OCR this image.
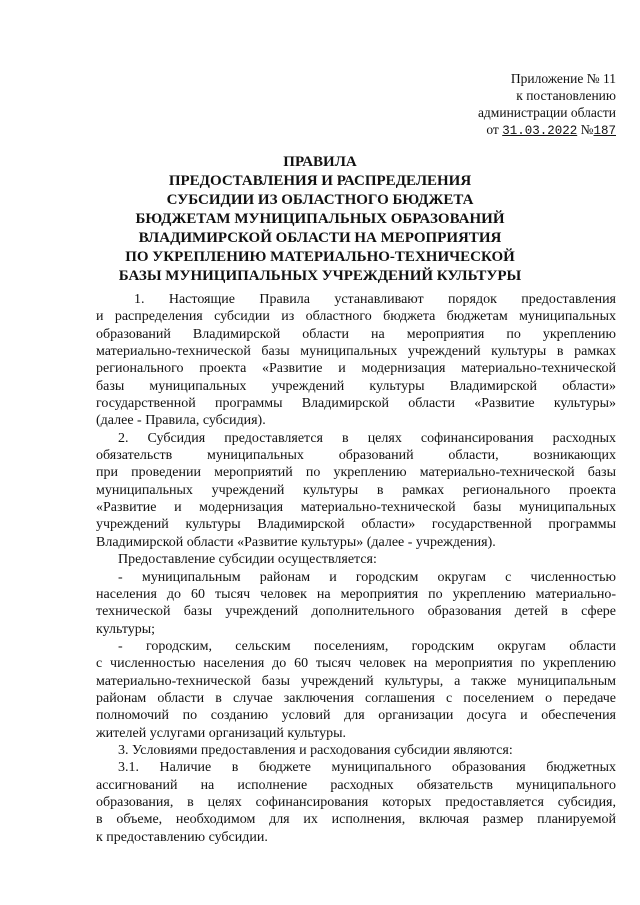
Приложение № 11
к постановлению
администрации области
от 31.03.2022 №187
ПРАВИЛА
ПРЕДОСТАВЛЕНИЯ И РАСПРЕДЕЛЕНИЯ
СУБСИДИИ ИЗ ОБЛАСТНОГО БЮДЖЕТА
БЮДЖЕТАМ МУНИЦИПАЛЬНЫХ ОБРАЗОВАНИЙ
ВЛАДИМИРСКОЙ ОБЛАСТИ НА МЕРОПРИЯТИЯ
ПО УКРЕПЛЕНИЮ МАТЕРИАЛЬНО-ТЕХНИЧЕСКОЙ
БАЗЫ МУНИЦИПАЛЬНЫХ УЧРЕЖДЕНИЙ КУЛЬТУРЫ
1. Настоящие Правила устанавливают порядок предоставления
и распределения субсидии из областного бюджета бюджетам муниципальных
образований Владимирской области на мероприятия по укреплению
материально-технической базы муниципальных учреждений культуры в рамках
регионального проекта «Развитие и модернизация материально-технической
базы муниципальных учреждений культуры Владимирской области»
государственной программы Владимирской области «Развитие культуры»
(далее - Правила, субсидия).
2. Субсидия предоставляется в целях софинансирования расходных
обязательств муниципальных образований области, возникающих
при проведении мероприятий по укреплению материально-технической базы
муниципальных учреждений культуры в рамках регионального проекта
«Развитие и модернизация материально-технической базы муниципальных
учреждений культуры Владимирской области» государственной программы
Владимирской области «Развитие культуры» (далее - учреждения).
Предоставление субсидии осуществляется:
- муниципальным районам и городским округам с численностью
населения до 60 тысяч человек на мероприятия по укреплению материально-
технической базы учреждений дополнительного образования детей в сфере
культуры;
- городским, сельским поселениям, городским округам области
с численностью населения до 60 тысяч человек на мероприятия по укреплению
материально-технической базы учреждений культуры, а также муниципальным
районам области в случае заключения соглашения с поселением о передаче
полномочий по созданию условий для организации досуга и обеспечения
жителей услугами организаций культуры.
3. Условиями предоставления и расходования субсидии являются:
3.1. Наличие в бюджете муниципального образования бюджетных
ассигнований на исполнение расходных обязательств муниципального
образования, в целях софинансирования которых предоставляется субсидия,
в объеме, необходимом для их исполнения, включая размер планируемой
к предоставлению субсидии.
